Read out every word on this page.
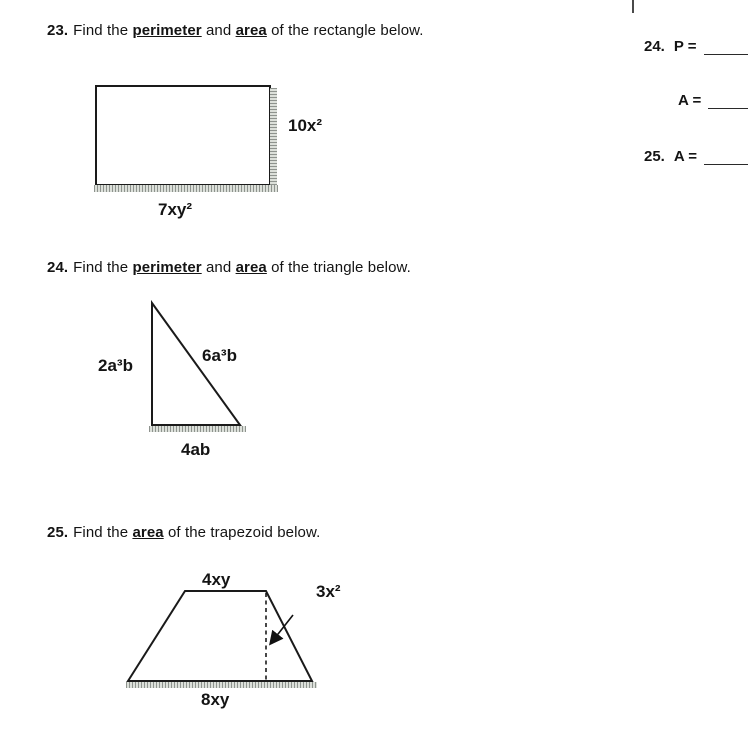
23. Find the perimeter and area of the rectangle below.
10x²
7xy²
24. P =
A =
25. A =
24. Find the perimeter and area of the triangle below.
2a³b
6a³b
4ab
25. Find the area of the trapezoid below.
4xy
3x²
8xy
